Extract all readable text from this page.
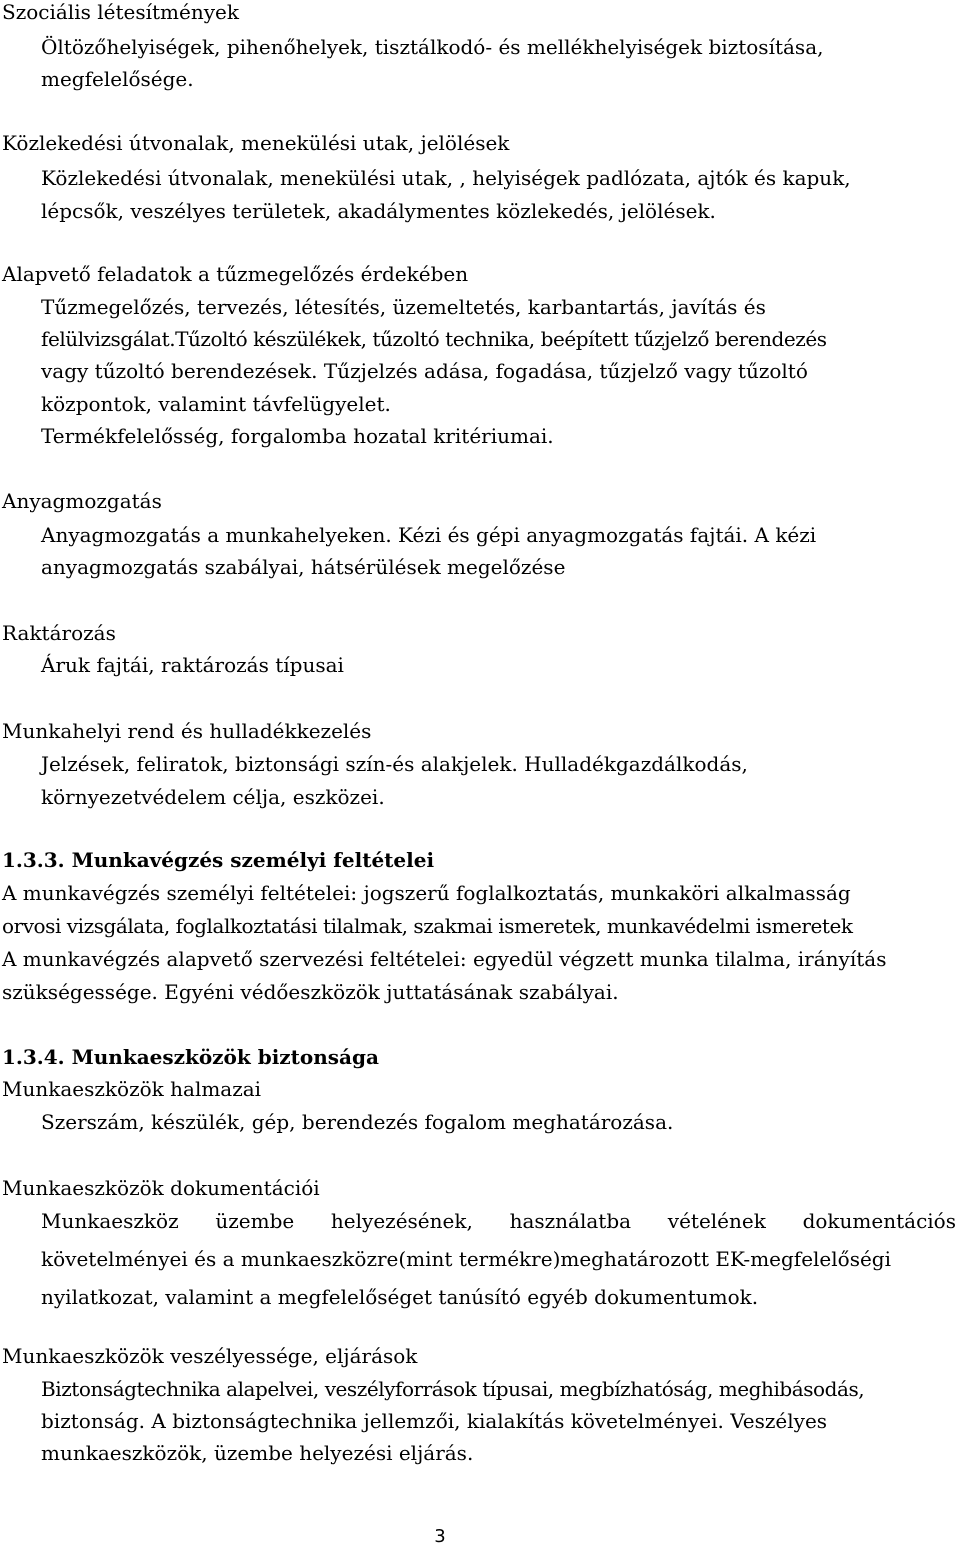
Szociális létesítmények
Öltözőhelyiségek, pihenőhelyek, tisztálkodó- és mellékhelyiségek biztosítása,
megfelelősége.
Közlekedési útvonalak, menekülési utak, jelölések
Közlekedési útvonalak, menekülési utak, , helyiségek padlózata, ajtók és kapuk,
lépcsők, veszélyes területek, akadálymentes közlekedés, jelölések.
Alapvető feladatok a tűzmegelőzés érdekében
Tűzmegelőzés, tervezés, létesítés, üzemeltetés, karbantartás, javítás és
felülvizsgálat.Tűzoltó készülékek, tűzoltó technika, beépített tűzjelző berendezés
vagy tűzoltó berendezések. Tűzjelzés adása, fogadása, tűzjelző vagy tűzoltó
központok, valamint távfelügyelet.
Termékfelelősség, forgalomba hozatal kritériumai.
Anyagmozgatás
Anyagmozgatás a munkahelyeken. Kézi és gépi anyagmozgatás fajtái. A kézi
anyagmozgatás szabályai, hátsérülések megelőzése
Raktározás
Áruk fajtái, raktározás típusai
Munkahelyi rend és hulladékkezelés
Jelzések, feliratok, biztonsági szín-és alakjelek. Hulladékgazdálkodás,
környezetvédelem célja, eszközei.
1.3.3. Munkavégzés személyi feltételei
A munkavégzés személyi feltételei: jogszerű foglalkoztatás, munkaköri alkalmasság
orvosi vizsgálata, foglalkoztatási tilalmak, szakmai ismeretek, munkavédelmi ismeretek
A munkavégzés alapvető szervezési feltételei: egyedül végzett munka tilalma, irányítás
szükségessége. Egyéni védőeszközök juttatásának szabályai.
1.3.4. Munkaeszközök biztonsága
Munkaeszközök halmazai
Szerszám, készülék, gép, berendezés fogalom meghatározása.
Munkaeszközök dokumentációi
Munkaeszköz üzembe helyezésének, használatba vételének dokumentációs
követelményei és a munkaeszközre(mint termékre)meghatározott EK-megfelelőségi
nyilatkozat, valamint a megfelelőséget tanúsító egyéb dokumentumok.
Munkaeszközök veszélyessége, eljárások
Biztonságtechnika alapelvei, veszélyforrások típusai, megbízhatóság, meghibásodás,
biztonság. A biztonságtechnika jellemzői, kialakítás követelményei. Veszélyes
munkaeszközök, üzembe helyezési eljárás.
3
